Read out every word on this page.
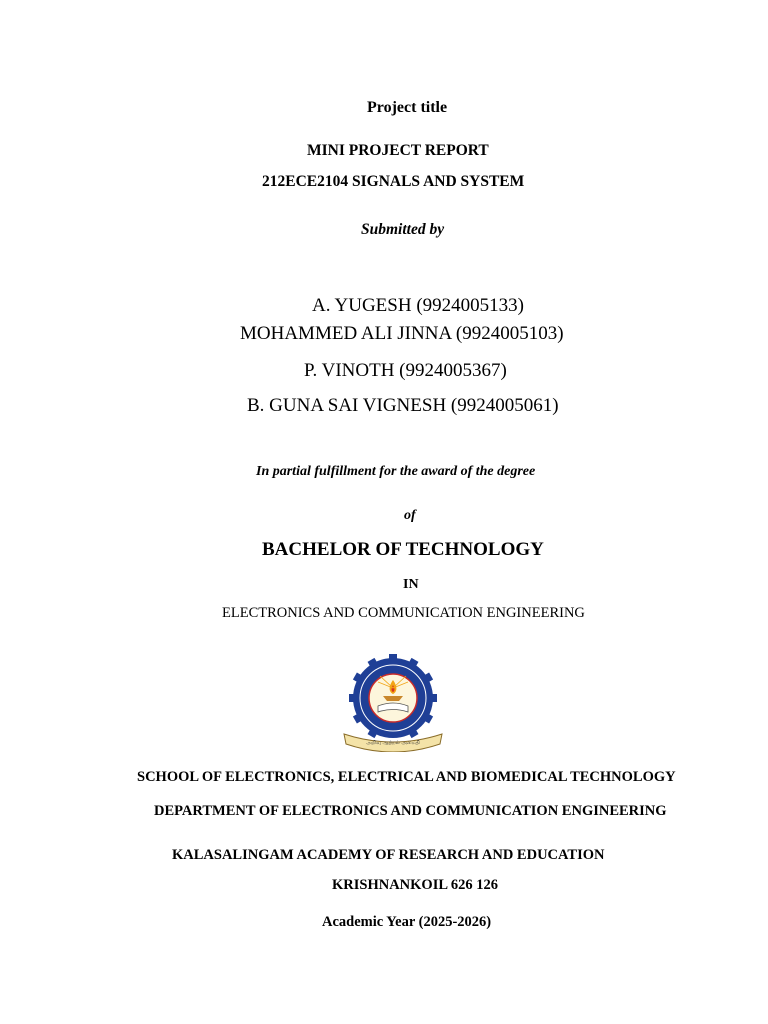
Project title
MINI PROJECT REPORT
212ECE2104 SIGNALS AND SYSTEM
Submitted by
A. YUGESH (9924005133)
MOHAMMED ALI JINNA (9924005103)
P. VINOTH (9924005367)
B. GUNA SAI VIGNESH (9924005061)
In partial fulfillment for the award of the degree
of
BACHELOR OF TECHNOLOGY
IN
ELECTRONICS AND COMMUNICATION ENGINEERING
அறிவு ஆற்றல் அமைதி
SCHOOL OF ELECTRONICS, ELECTRICAL AND BIOMEDICAL TECHNOLOGY
DEPARTMENT OF ELECTRONICS AND COMMUNICATION ENGINEERING
KALASALINGAM ACADEMY OF RESEARCH AND EDUCATION
KRISHNANKOIL 626 126
Academic Year (2025-2026)
